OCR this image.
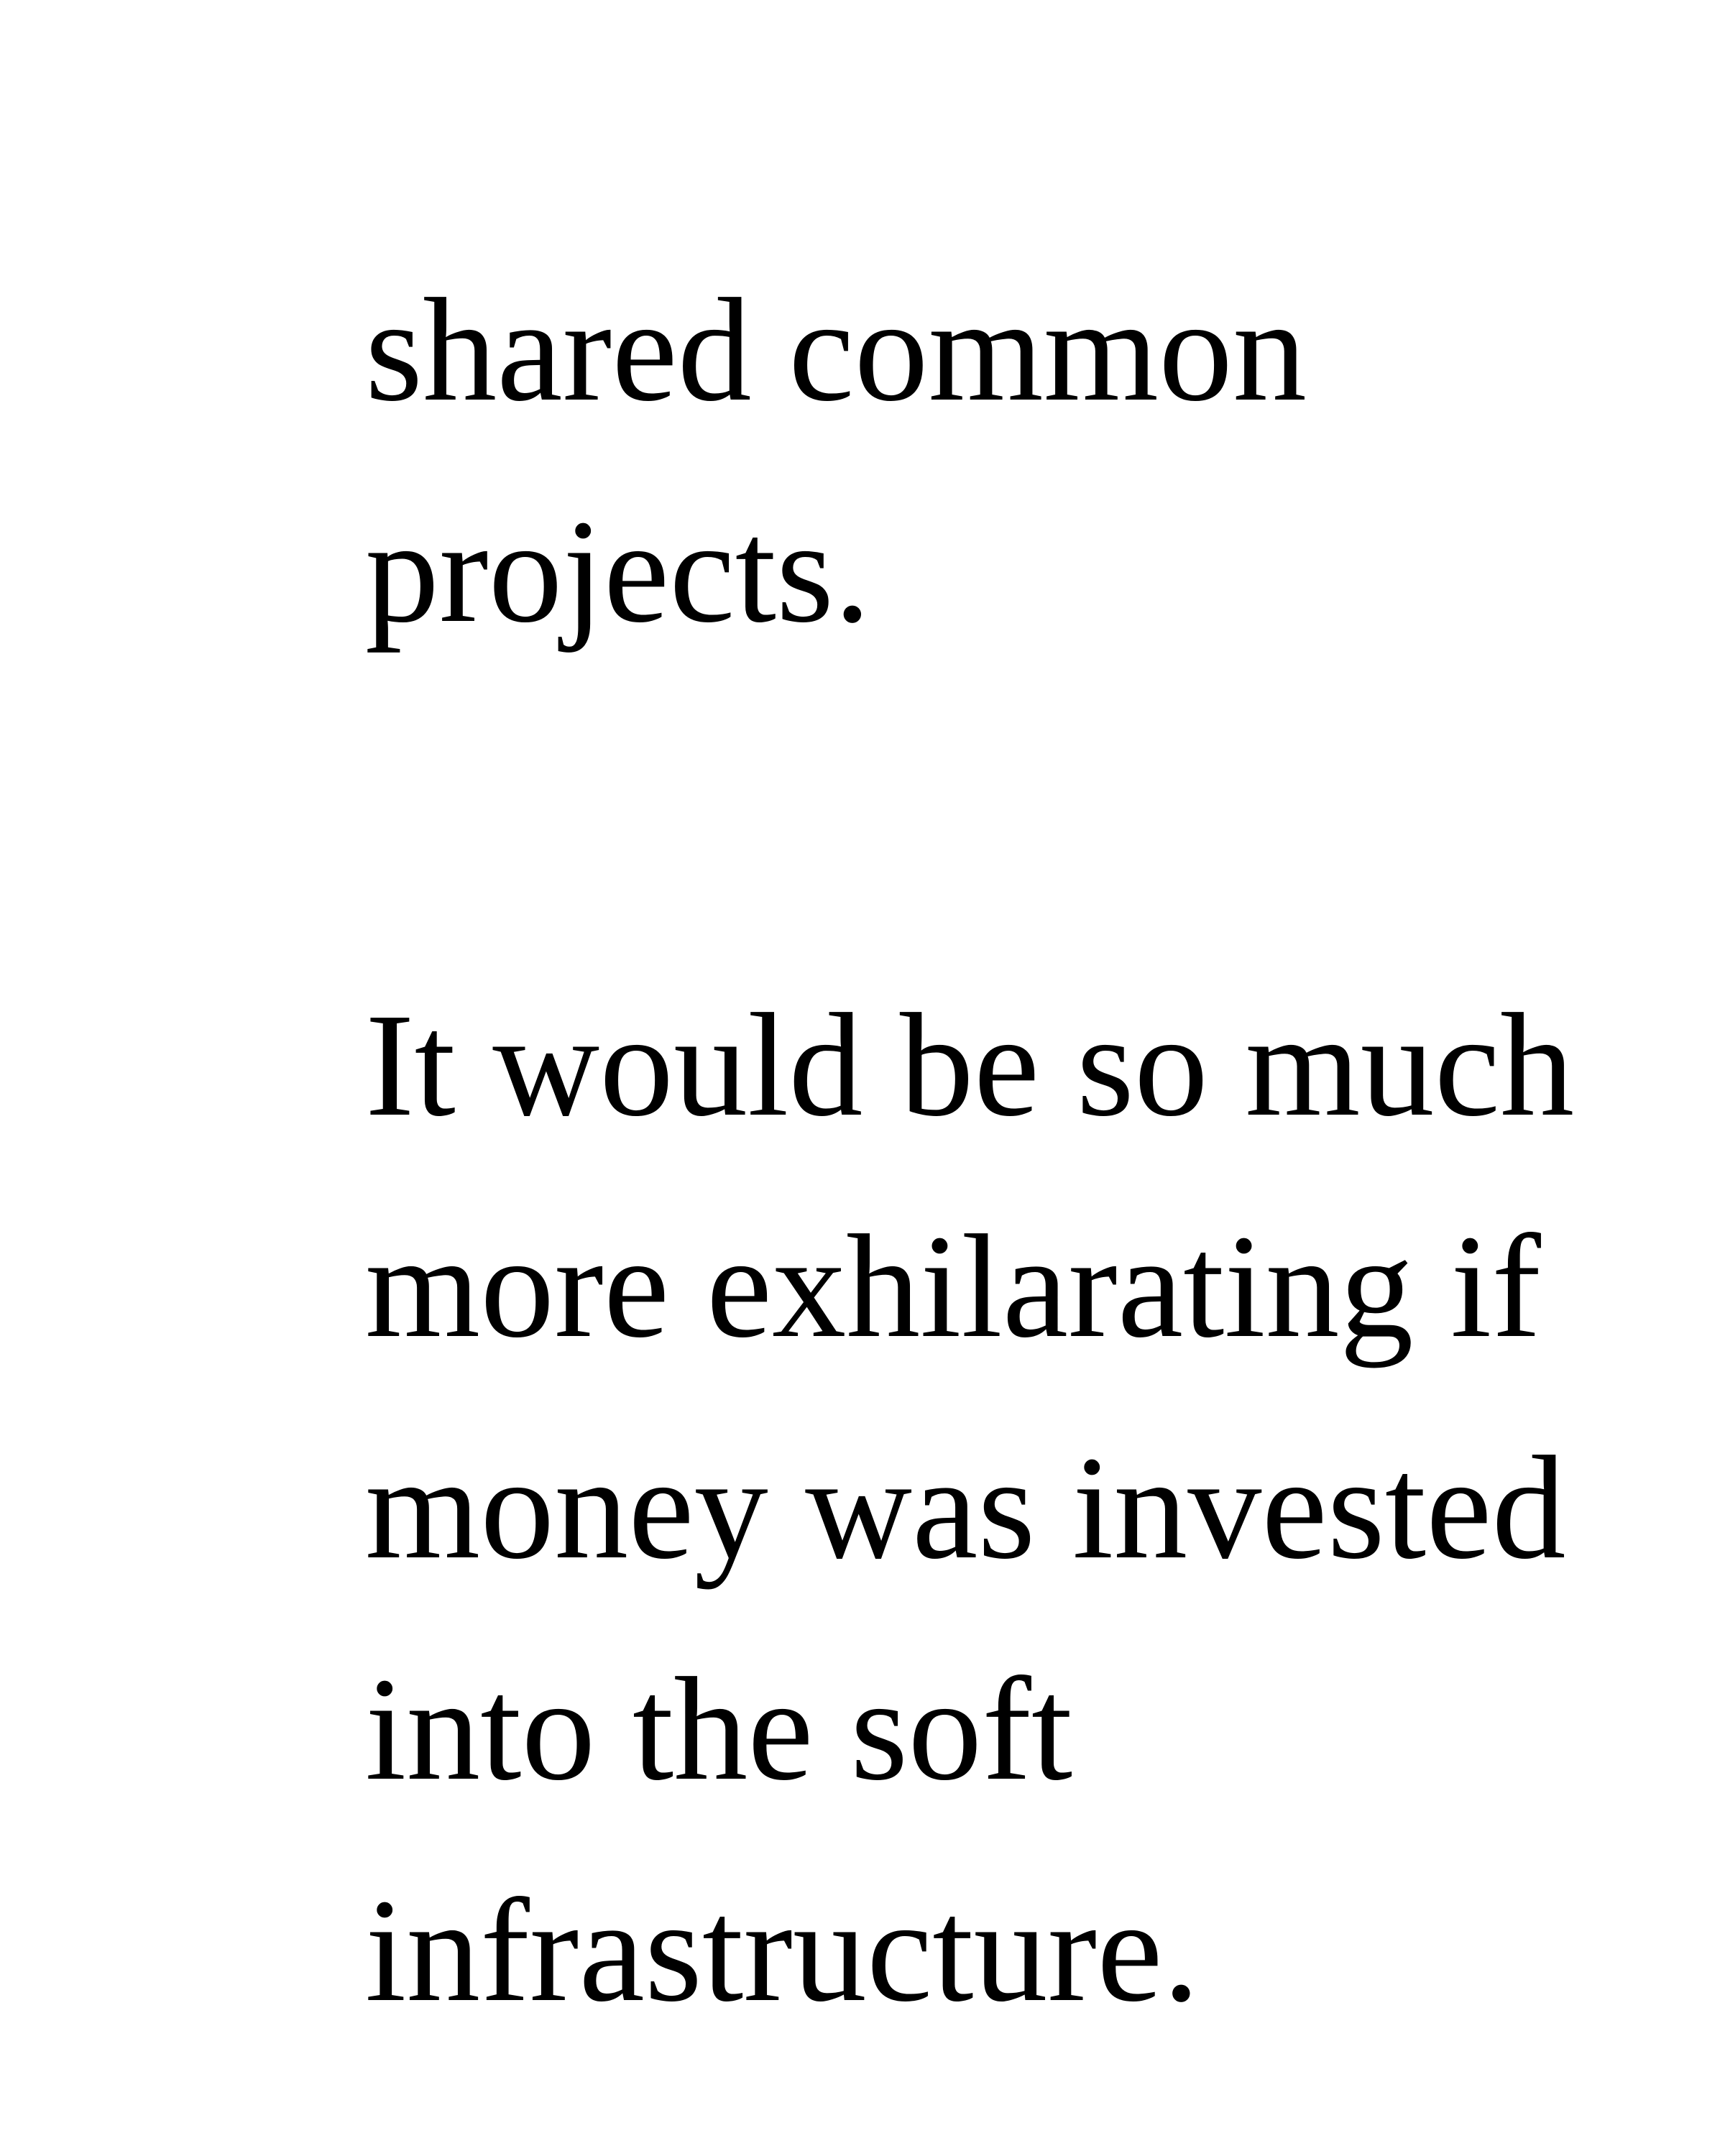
shared common
projects.

It would be so much
more exhilarating if
money was invested
into the soft
infrastructure.
